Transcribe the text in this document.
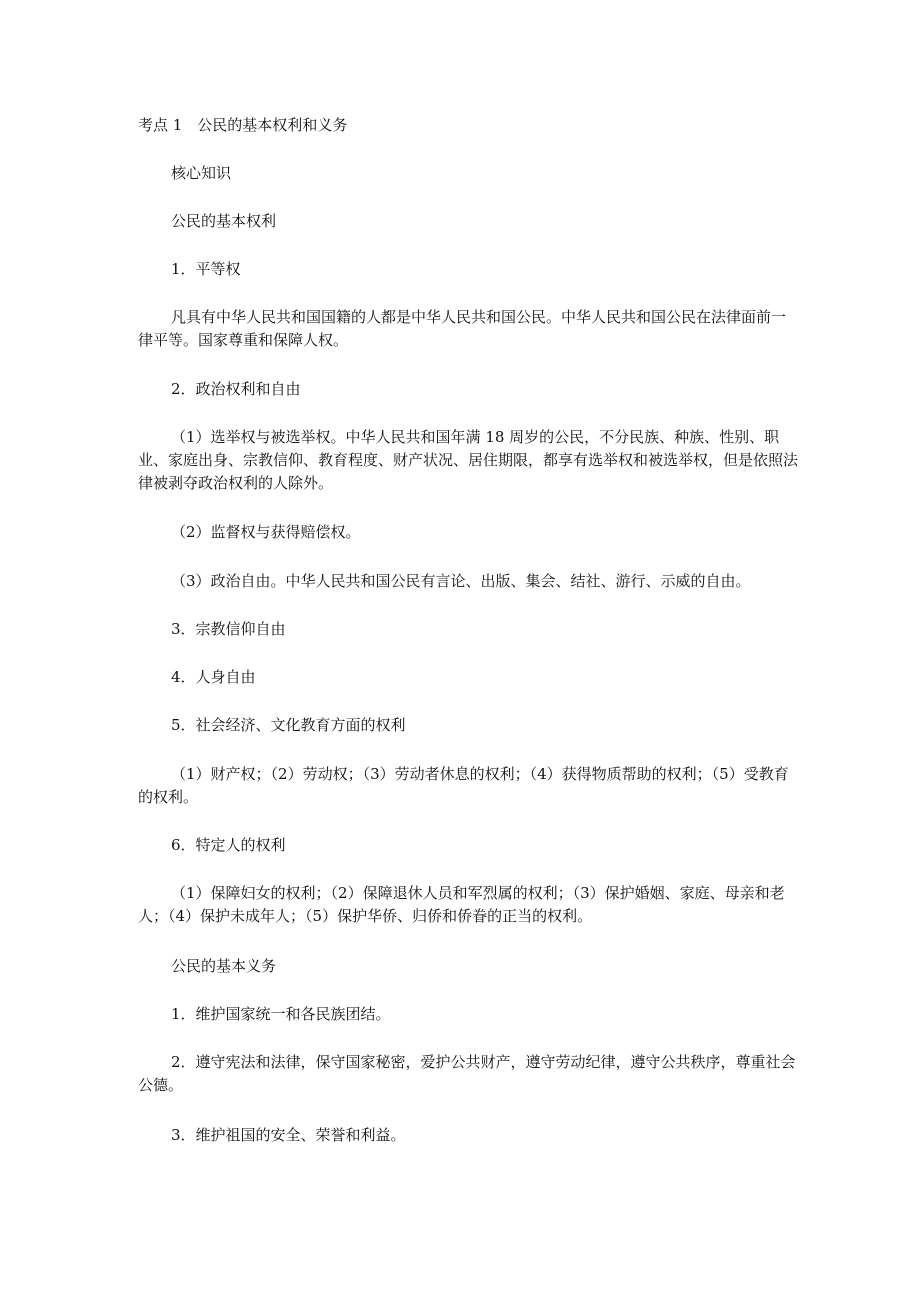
考点 1　公民的基本权利和义务

核心知识

公民的基本权利

1．平等权

凡具有中华人民共和国国籍的人都是中华人民共和国公民。中华人民共和国公民在法律面前一律平等。国家尊重和保障人权。

2．政治权利和自由

（1）选举权与被选举权。中华人民共和国年满 18 周岁的公民，不分民族、种族、性别、职业、家庭出身、宗教信仰、教育程度、财产状况、居住期限，都享有选举权和被选举权，但是依照法律被剥夺政治权利的人除外。

（2）监督权与获得赔偿权。

（3）政治自由。中华人民共和国公民有言论、出版、集会、结社、游行、示威的自由。

3．宗教信仰自由

4．人身自由

5．社会经济、文化教育方面的权利

（1）财产权；（2）劳动权；（3）劳动者休息的权利；（4）获得物质帮助的权利；（5）受教育的权利。

6．特定人的权利

（1）保障妇女的权利；（2）保障退休人员和军烈属的权利；（3）保护婚姻、家庭、母亲和老人；（4）保护未成年人；（5）保护华侨、归侨和侨眷的正当的权利。

公民的基本义务

1．维护国家统一和各民族团结。

2．遵守宪法和法律，保守国家秘密，爱护公共财产，遵守劳动纪律，遵守公共秩序，尊重社会公德。

3．维护祖国的安全、荣誉和利益。
